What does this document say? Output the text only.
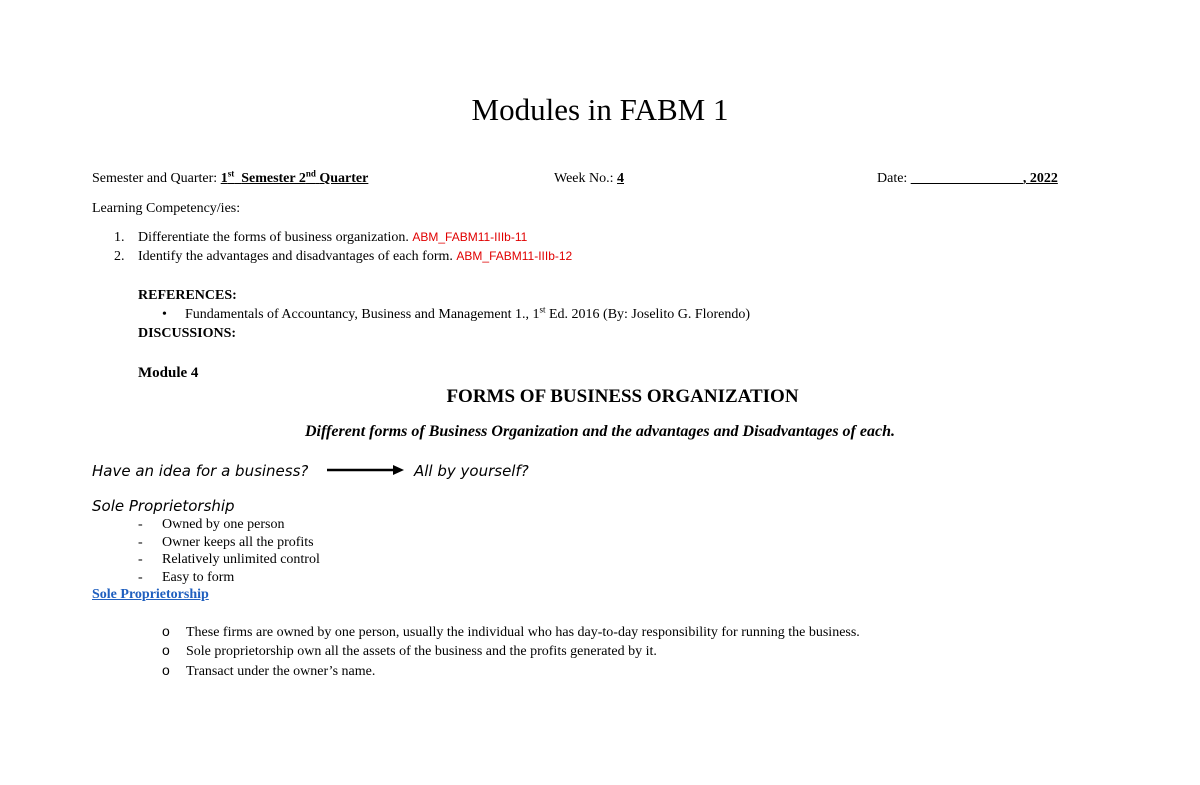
Modules in FABM 1
Semester and Quarter: 1st Semester 2nd Quarter	Week No.: 4	Date: ________________, 2022
Learning Competency/ies:
1. Differentiate the forms of business organization. ABM_FABM11-IIIb-11
2. Identify the advantages and disadvantages of each form. ABM_FABM11-IIIb-12
REFERENCES:
• Fundamentals of Accountancy, Business and Management 1., 1st Ed. 2016 (By: Joselito G. Florendo)
DISCUSSIONS:
Module 4
FORMS OF BUSINESS ORGANIZATION
Different forms of Business Organization and the advantages and Disadvantages of each.
Have an idea for a business?	All by yourself?
Sole Proprietorship
- Owned by one person
- Owner keeps all the profits
- Relatively unlimited control
- Easy to form
Sole Proprietorship
o These firms are owned by one person, usually the individual who has day-to-day responsibility for running the business.
o Sole proprietorship own all the assets of the business and the profits generated by it.
o Transact under the owner’s name.
